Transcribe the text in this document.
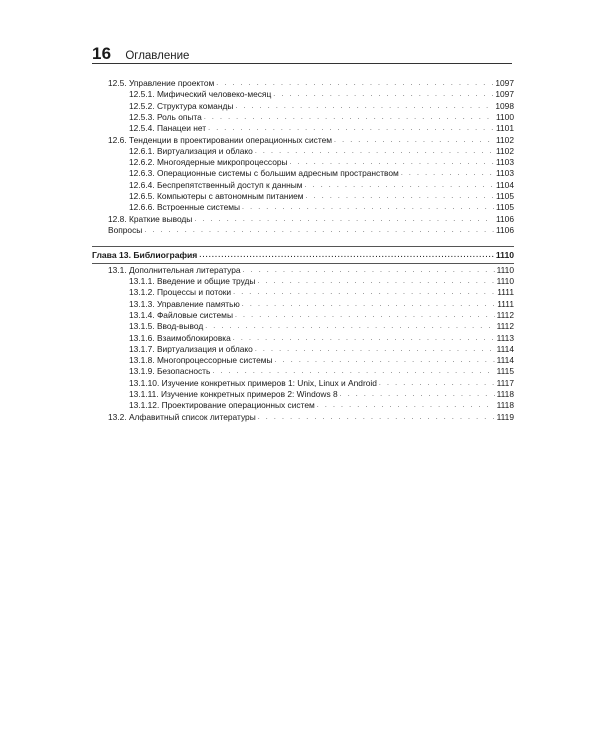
16 Оглавление
12.5. Управление проектом . . .	1097
12.5.1. Мифический человеко-месяц . . .	1097
12.5.2. Структура команды . . .	1098
12.5.3. Роль опыта . . .	1100
12.5.4. Панацеи нет . . .	1101
12.6. Тенденции в проектировании операционных систем . . .	1102
12.6.1. Виртуализация и облако . . .	1102
12.6.2. Многоядерные микропроцессоры . . .	1103
12.6.3. Операционные системы с большим адресным пространством . . .	1103
12.6.4. Беспрепятственный доступ к данным . . .	1104
12.6.5. Компьютеры с автономным питанием . . .	1105
12.6.6. Встроенные системы . . .	1105
12.8. Краткие выводы . . .	1106
Вопросы . . .	1106
Глава 13. Библиография .....	1110
13.1. Дополнительная литература . . .	1110
13.1.1. Введение и общие труды . . .	1110
13.1.2. Процессы и потоки . . .	1111
13.1.3. Управление памятью . . .	1111
13.1.4. Файловые системы . . .	1112
13.1.5. Ввод-вывод . . .	1112
13.1.6. Взаимоблокировка . . .	1113
13.1.7. Виртуализация и облако . . .	1114
13.1.8. Многопроцессорные системы . . .	1114
13.1.9. Безопасность . . .	1115
13.1.10. Изучение конкретных примеров 1: Unix, Linux и Android . . .	1117
13.1.11. Изучение конкретных примеров 2: Windows 8 . . .	1118
13.1.12. Проектирование операционных систем . . .	1118
13.2. Алфавитный список литературы . . .	1119
